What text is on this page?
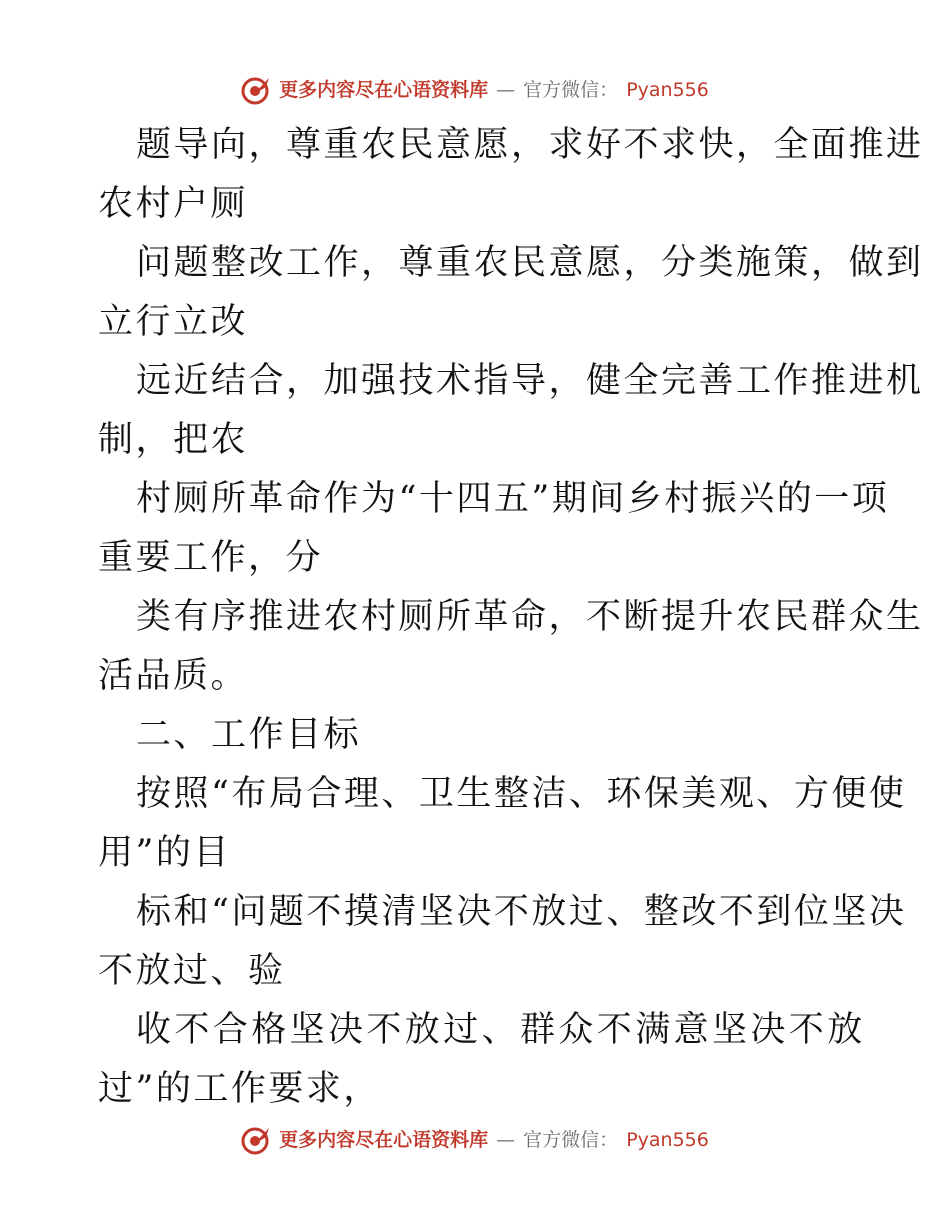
更多内容尽在心语资料库 — 官方微信： Pyan556
题导向，尊重农民意愿，求好不求快，全面推进
农村户厕
问题整改工作，尊重农民意愿，分类施策，做到
立行立改
远近结合，加强技术指导，健全完善工作推进机
制，把农
村厕所革命作为“十四五”期间乡村振兴的一项
重要工作，分
类有序推进农村厕所革命，不断提升农民群众生
活品质。
二、工作目标
按照“布局合理、卫生整洁、环保美观、方便使
用”的目
标和“问题不摸清坚决不放过、整改不到位坚决
不放过、验
收不合格坚决不放过、群众不满意坚决不放
过”的工作要求，
更多内容尽在心语资料库 — 官方微信： Pyan556
